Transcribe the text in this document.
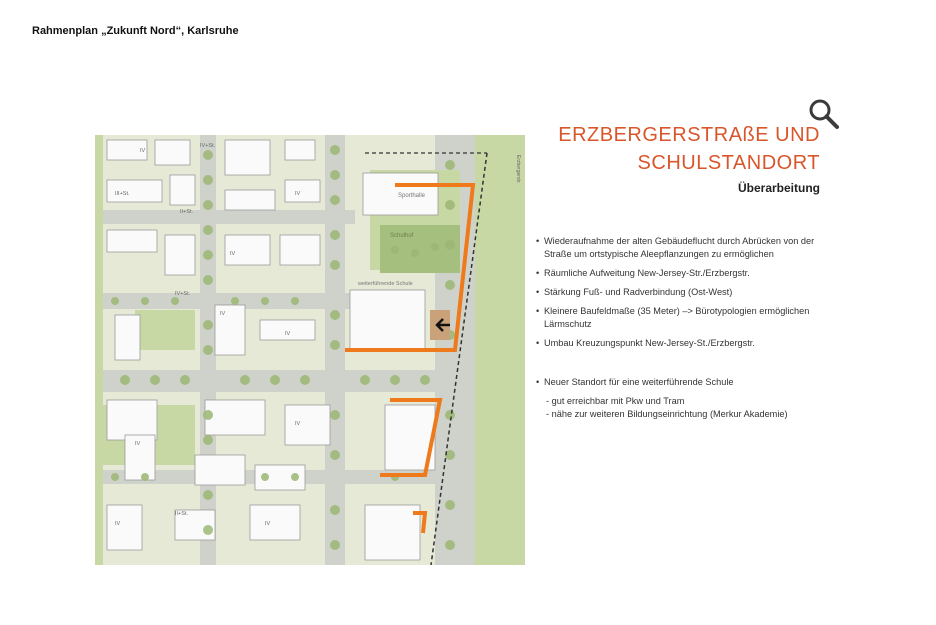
Rahmenplan „Zukunft Nord“, Karlsruhe
Sporthalle
Schulhof
weiterführende Schule
Erzbergerstr.
IV
IV+St.
III+St.
II+St.
IV
IV
IV+St.
IV
II+St.
IV
IV
IV
IV	IV
ERZBERGERSTRAßE UND
SCHULSTANDORT
Überarbeitung
• Wiederaufnahme der alten Gebäudeflucht durch Abrücken von der Straße um ortstypische Aleepflanzungen zu ermöglichen
• Räumliche Aufweitung New-Jersey-Str./Erzbergstr.
• Stärkung Fuß- und Radverbindung (Ost-West)
• Kleinere Baufeldmaße (35 Meter) –> Bürotypologien ermöglichen Lärmschutz
• Umbau Kreuzungspunkt New-Jersey-St./Erzbergstr.
• Neuer Standort für eine weiterführende Schule
- gut erreichbar mit Pkw und Tram
- nähe zur weiteren Bildungseinrichtung (Merkur Akademie)
